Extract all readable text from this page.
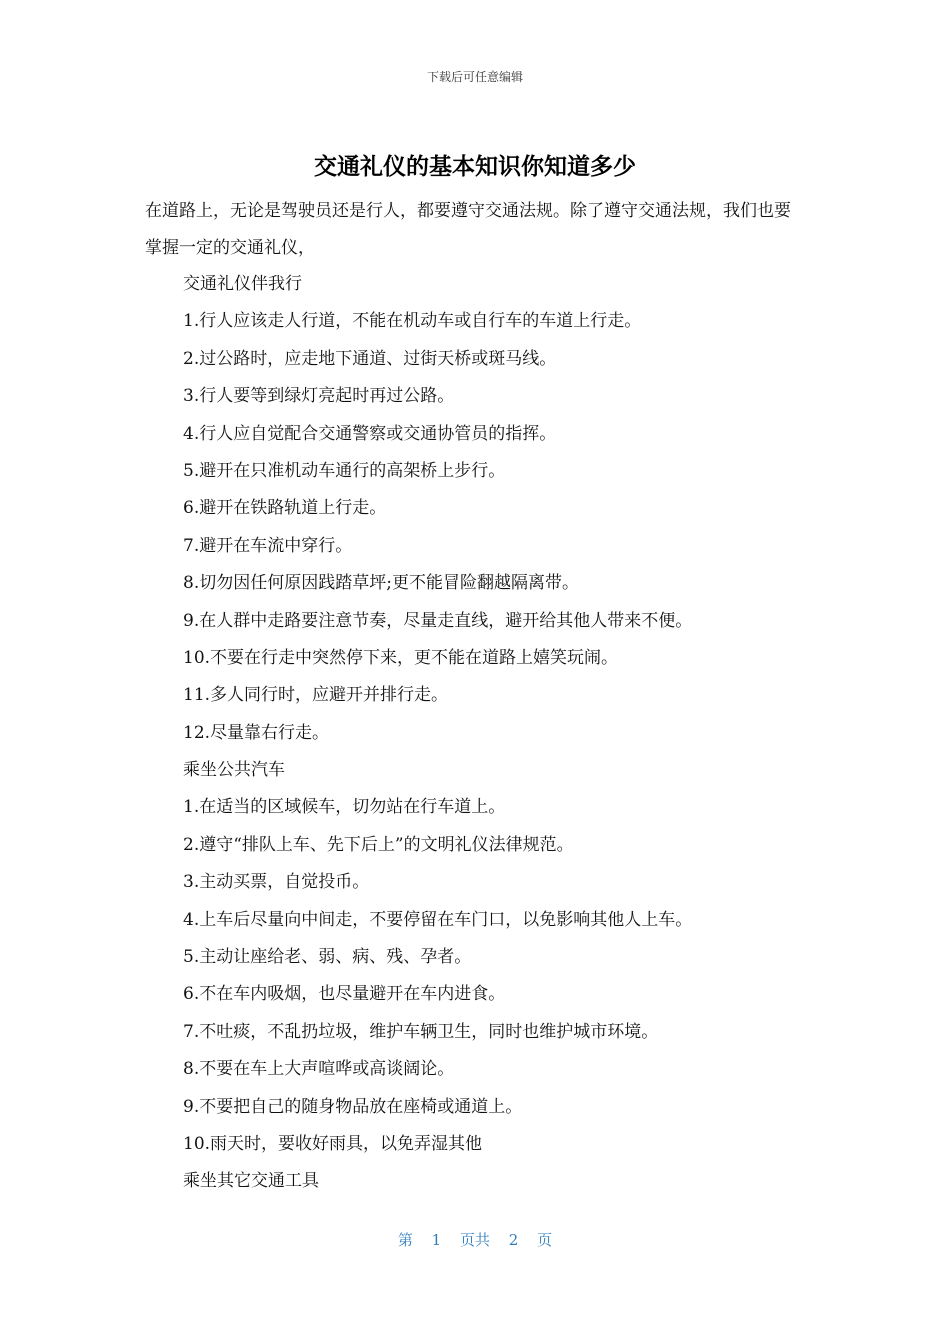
下载后可任意编辑
交通礼仪的基本知识你知道多少
在道路上，无论是驾驶员还是行人，都要遵守交通法规。除了遵守交通法规，我们也要掌握一定的交通礼仪，
交通礼仪伴我行
1.行人应该走人行道，不能在机动车或自行车的车道上行走。
2.过公路时，应走地下通道、过街天桥或斑马线。
3.行人要等到绿灯亮起时再过公路。
4.行人应自觉配合交通警察或交通协管员的指挥。
5.避开在只准机动车通行的高架桥上步行。
6.避开在铁路轨道上行走。
7.避开在车流中穿行。
8.切勿因任何原因践踏草坪;更不能冒险翻越隔离带。
9.在人群中走路要注意节奏，尽量走直线，避开给其他人带来不便。
10.不要在行走中突然停下来，更不能在道路上嬉笑玩闹。
11.多人同行时，应避开并排行走。
12.尽量靠右行走。
乘坐公共汽车
1.在适当的区域候车，切勿站在行车道上。
2.遵守“排队上车、先下后上”的文明礼仪法律规范。
3.主动买票，自觉投币。
4.上车后尽量向中间走，不要停留在车门口，以免影响其他人上车。
5.主动让座给老、弱、病、残、孕者。
6.不在车内吸烟，也尽量避开在车内进食。
7.不吐痰，不乱扔垃圾，维护车辆卫生，同时也维护城市环境。
8.不要在车上大声喧哗或高谈阔论。
9.不要把自己的随身物品放在座椅或通道上。
10.雨天时，要收好雨具，以免弄湿其他
乘坐其它交通工具
第 1 页共 2 页
